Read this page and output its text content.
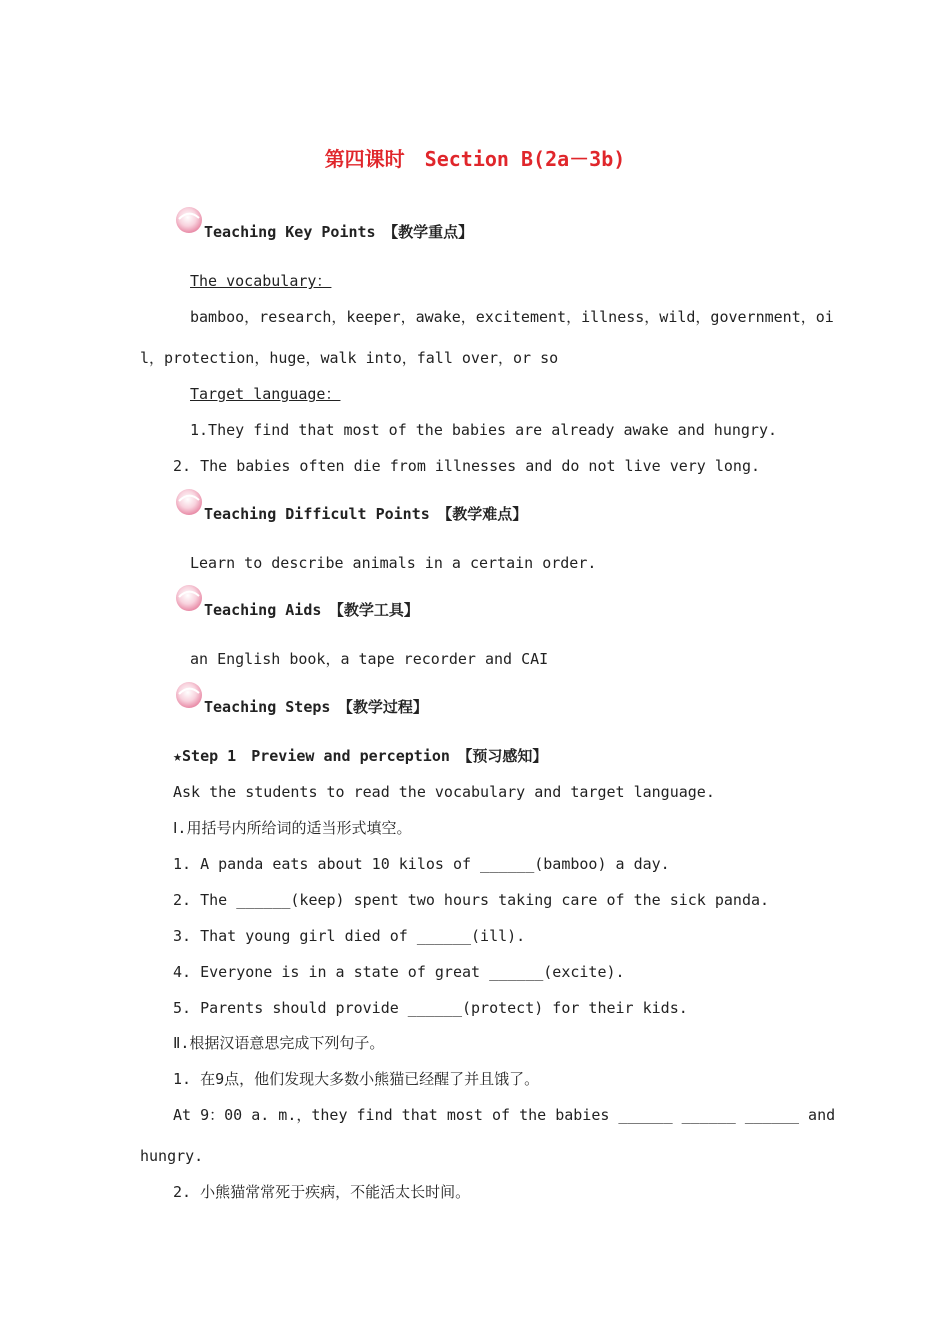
第四课时　Section B(2a－3b)
Teaching Key Points　【教学重点】
The vocabulary：
bamboo，research，keeper，awake，excitement，illness，wild，government，oi
l，protection，huge，walk into，fall over，or so
Target language：
1.They find that most of the babies are already awake and hungry.
2. The babies often die from illnesses and do not live very long.
Teaching Difficult Points　【教学难点】
Learn to describe animals in a certain order.
Teaching Aids　【教学工具】
an English book，a tape recorder and CAI
Teaching Steps　【教学过程】
★Step 1　Preview and perception　【预习感知】
Ask the students to read the vocabulary and target language.
Ⅰ.用括号内所给词的适当形式填空。
1. A panda eats about 10 kilos of ______(bamboo) a day.
2. The ______(keep) spent two hours taking care of the sick panda.
3. That young girl died of ______(ill).
4. Everyone is in a state of great ______(excite).
5. Parents should provide ______(protect) for their kids.
Ⅱ.根据汉语意思完成下列句子。
1. 在9点，他们发现大多数小熊猫已经醒了并且饿了。
At 9：00 a. m.，they find that most of the babies ______ ______ ______ and
hungry.
2. 小熊猫常常死于疾病，不能活太长时间。
